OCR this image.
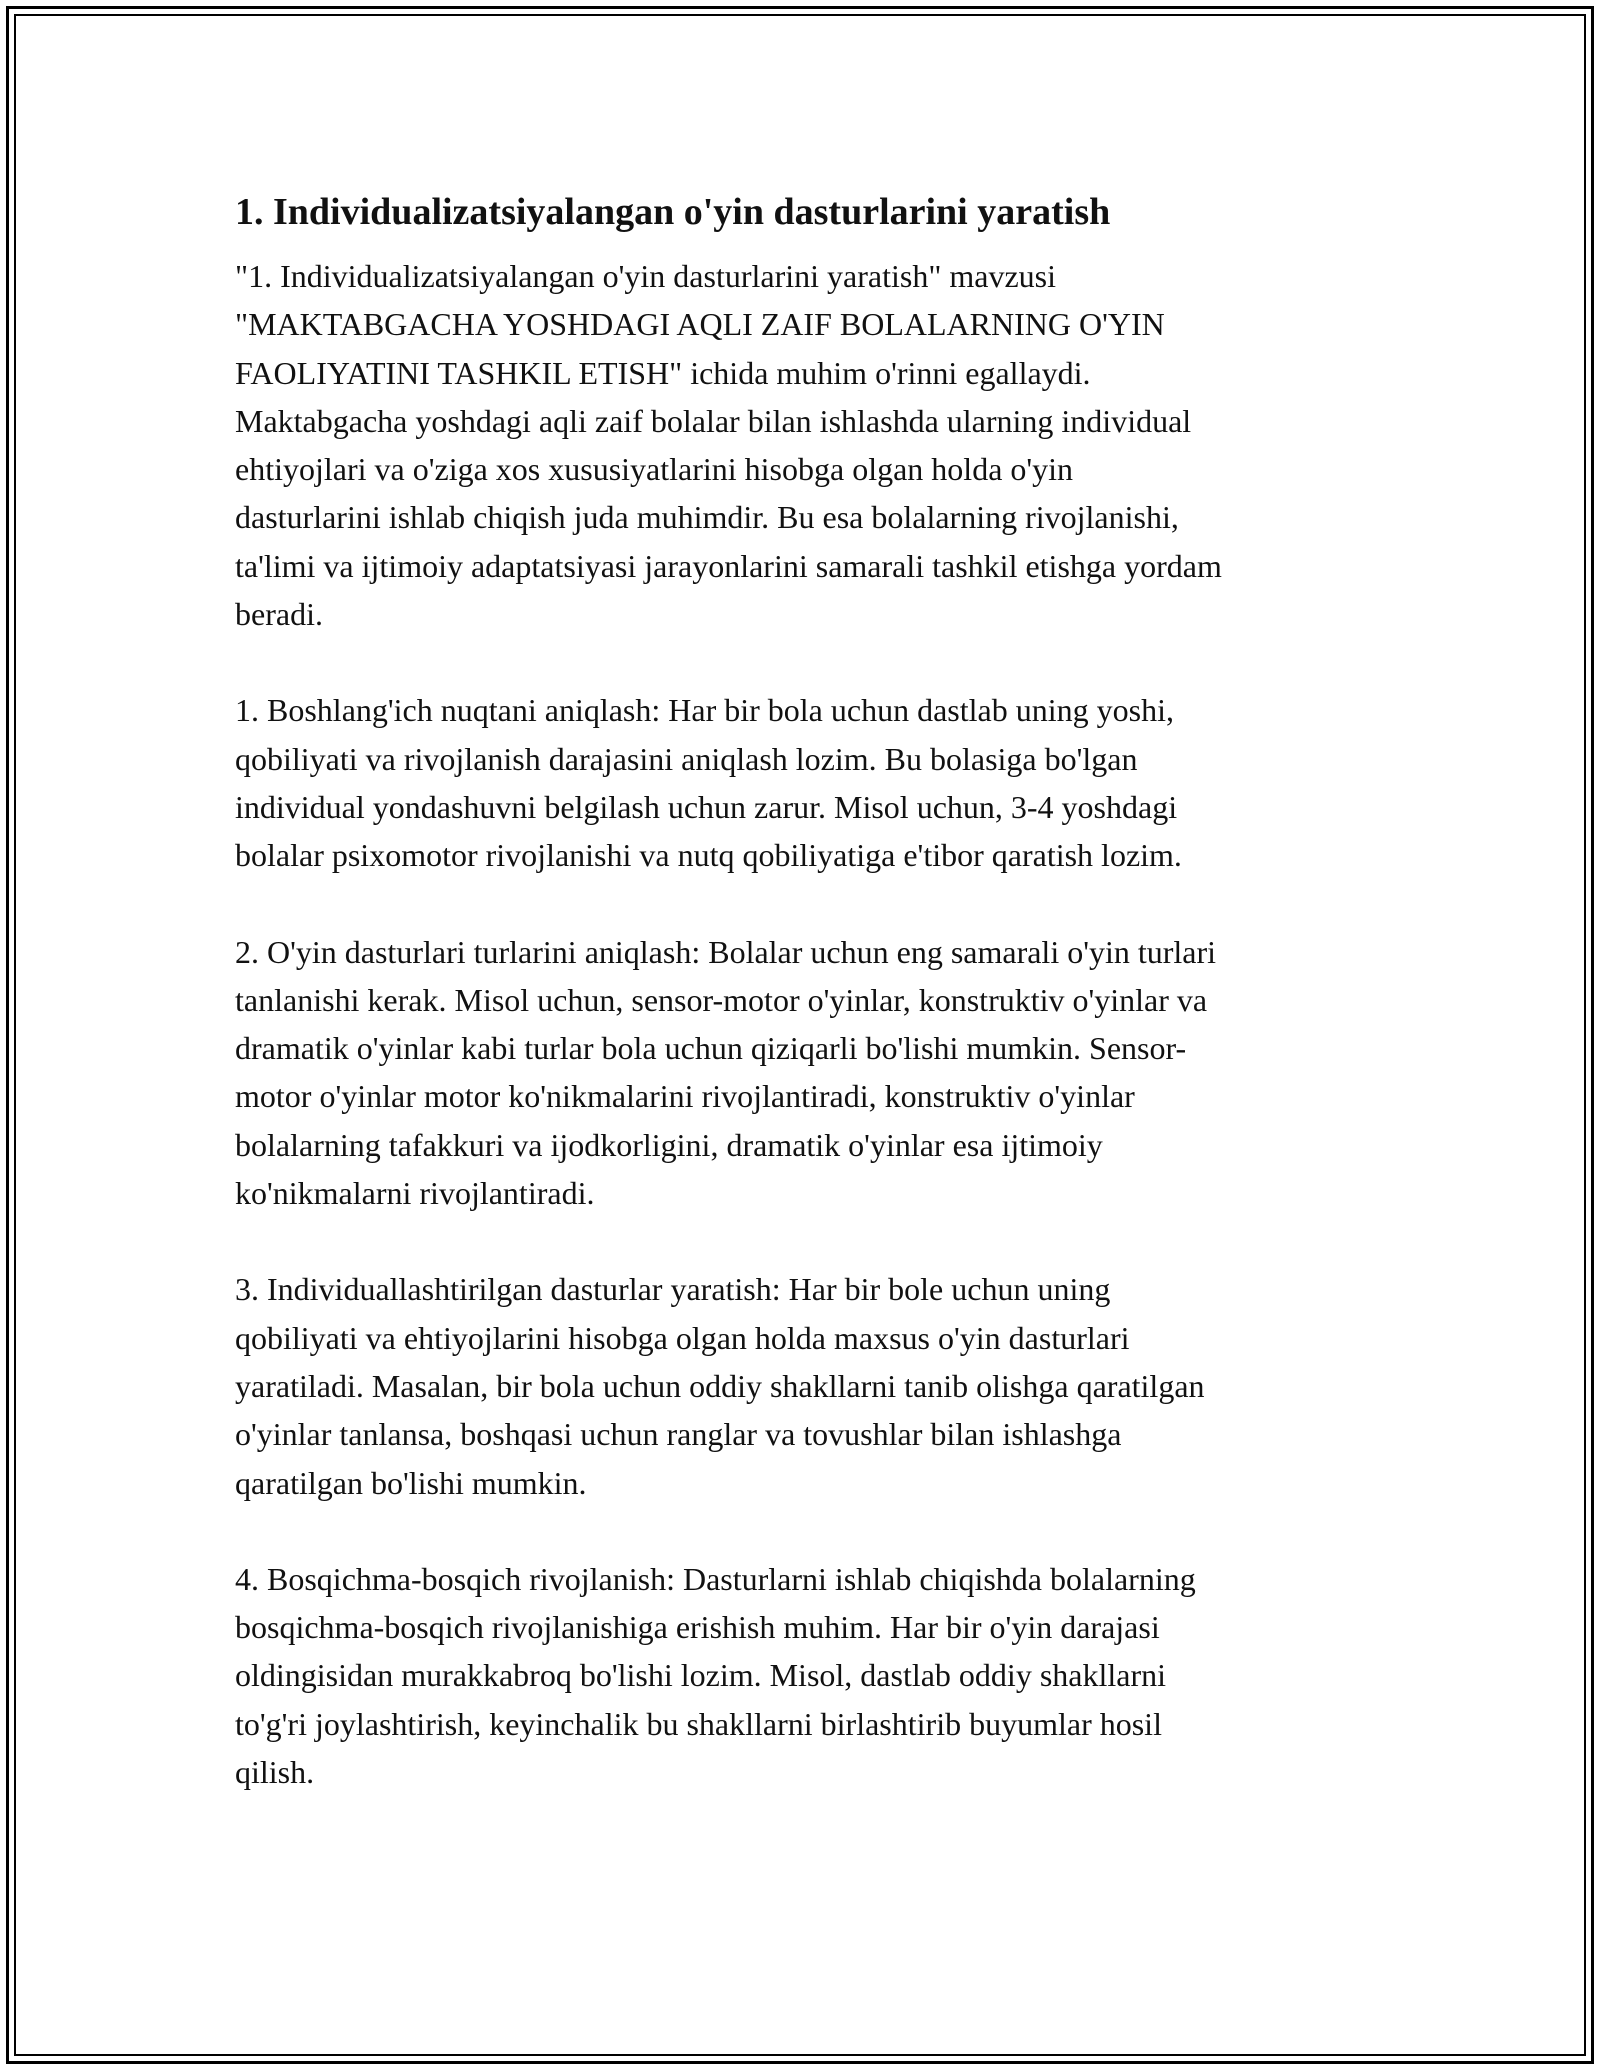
1. Individualizatsiyalangan o'yin dasturlarini yaratish
"1. Individualizatsiyalangan o'yin dasturlarini yaratish" mavzusi
"MAKTABGACHA YOSHDAGI AQLI ZAIF BOLALARNING O'YIN
FAOLIYATINI TASHKIL ETISH" ichida muhim o'rinni egallaydi.
Maktabgacha yoshdagi aqli zaif bolalar bilan ishlashda ularning individual
ehtiyojlari va o'ziga xos xususiyatlarini hisobga olgan holda o'yin
dasturlarini ishlab chiqish juda muhimdir. Bu esa bolalarning rivojlanishi,
ta'limi va ijtimoiy adaptatsiyasi jarayonlarini samarali tashkil etishga yordam
beradi.
1. Boshlang'ich nuqtani aniqlash: Har bir bola uchun dastlab uning yoshi,
qobiliyati va rivojlanish darajasini aniqlash lozim. Bu bolasiga bo'lgan
individual yondashuvni belgilash uchun zarur. Misol uchun, 3-4 yoshdagi
bolalar psixomotor rivojlanishi va nutq qobiliyatiga e'tibor qaratish lozim.
2. O'yin dasturlari turlarini aniqlash: Bolalar uchun eng samarali o'yin turlari
tanlanishi kerak. Misol uchun, sensor-motor o'yinlar, konstruktiv o'yinlar va
dramatik o'yinlar kabi turlar bola uchun qiziqarli bo'lishi mumkin. Sensor-
motor o'yinlar motor ko'nikmalarini rivojlantiradi, konstruktiv o'yinlar
bolalarning tafakkuri va ijodkorligini, dramatik o'yinlar esa ijtimoiy
ko'nikmalarni rivojlantiradi.
3. Individuallashtirilgan dasturlar yaratish: Har bir bole uchun uning
qobiliyati va ehtiyojlarini hisobga olgan holda maxsus o'yin dasturlari
yaratiladi. Masalan, bir bola uchun oddiy shakllarni tanib olishga qaratilgan
o'yinlar tanlansa, boshqasi uchun ranglar va tovushlar bilan ishlashga
qaratilgan bo'lishi mumkin.
4. Bosqichma-bosqich rivojlanish: Dasturlarni ishlab chiqishda bolalarning
bosqichma-bosqich rivojlanishiga erishish muhim. Har bir o'yin darajasi
oldingisidan murakkabroq bo'lishi lozim. Misol, dastlab oddiy shakllarni
to'g'ri joylashtirish, keyinchalik bu shakllarni birlashtirib buyumlar hosil
qilish.
